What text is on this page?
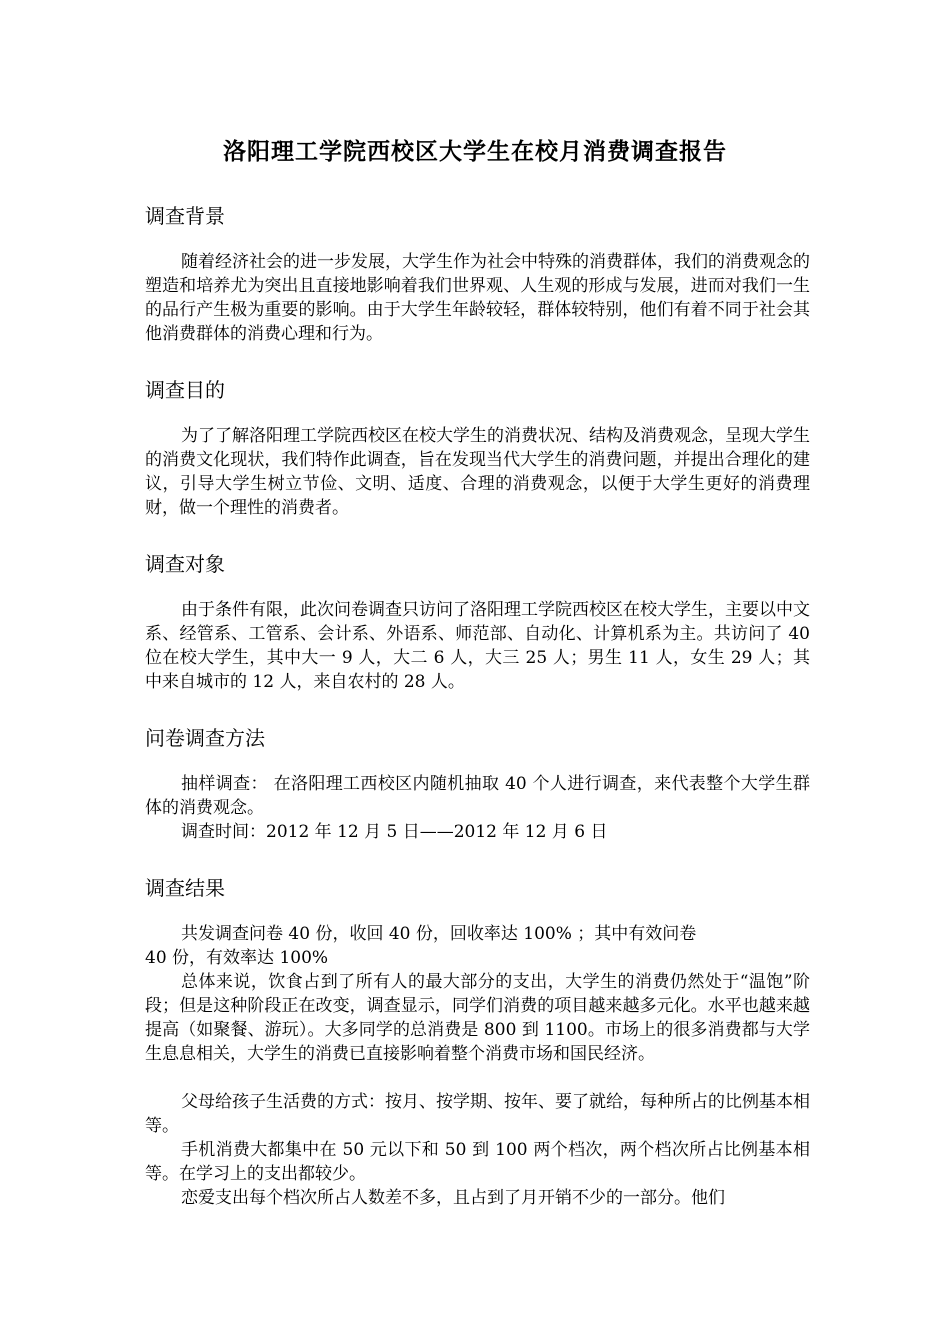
洛阳理工学院西校区大学生在校月消费调查报告
调查背景
随着经济社会的进一步发展，大学生作为社会中特殊的消费群体，我们的消费观念的塑造和培养尤为突出且直接地影响着我们世界观、人生观的形成与发展，进而对我们一生的品行产生极为重要的影响。由于大学生年龄较轻，群体较特别，他们有着不同于社会其他消费群体的消费心理和行为。
调查目的
为了了解洛阳理工学院西校区在校大学生的消费状况、结构及消费观念，呈现大学生的消费文化现状，我们特作此调查，旨在发现当代大学生的消费问题，并提出合理化的建议，引导大学生树立节俭、文明、适度、合理的消费观念，以便于大学生更好的消费理财，做一个理性的消费者。
调查对象
由于条件有限，此次问卷调查只访问了洛阳理工学院西校区在校大学生，主要以中文系、经管系、工管系、会计系、外语系、师范部、自动化、计算机系为主。共访问了 40 位在校大学生，其中大一 9 人，大二 6 人，大三 25 人；男生 11 人，女生 29 人；其中来自城市的 12 人，来自农村的 28 人。
问卷调查方法
抽样调查： 在洛阳理工西校区内随机抽取 40 个人进行调查，来代表整个大学生群体的消费观念。
调查时间：2012 年 12 月 5 日——2012 年 12 月 6 日
调查结果
共发调查问卷 40 份，收回 40 份，回收率达 100% ；其中有效问卷
40 份，有效率达 100%
总体来说，饮食占到了所有人的最大部分的支出，大学生的消费仍然处于“温饱”阶段；但是这种阶段正在改变，调查显示，同学们消费的项目越来越多元化。水平也越来越提高（如聚餐、游玩）。大多同学的总消费是 800 到 1100。市场上的很多消费都与大学生息息相关，大学生的消费已直接影响着整个消费市场和国民经济。
父母给孩子生活费的方式：按月、按学期、按年、要了就给，每种所占的比例基本相等。
手机消费大都集中在 50 元以下和 50 到 100 两个档次，两个档次所占比例基本相等。在学习上的支出都较少。
恋爱支出每个档次所占人数差不多，且占到了月开销不少的一部分。他们
